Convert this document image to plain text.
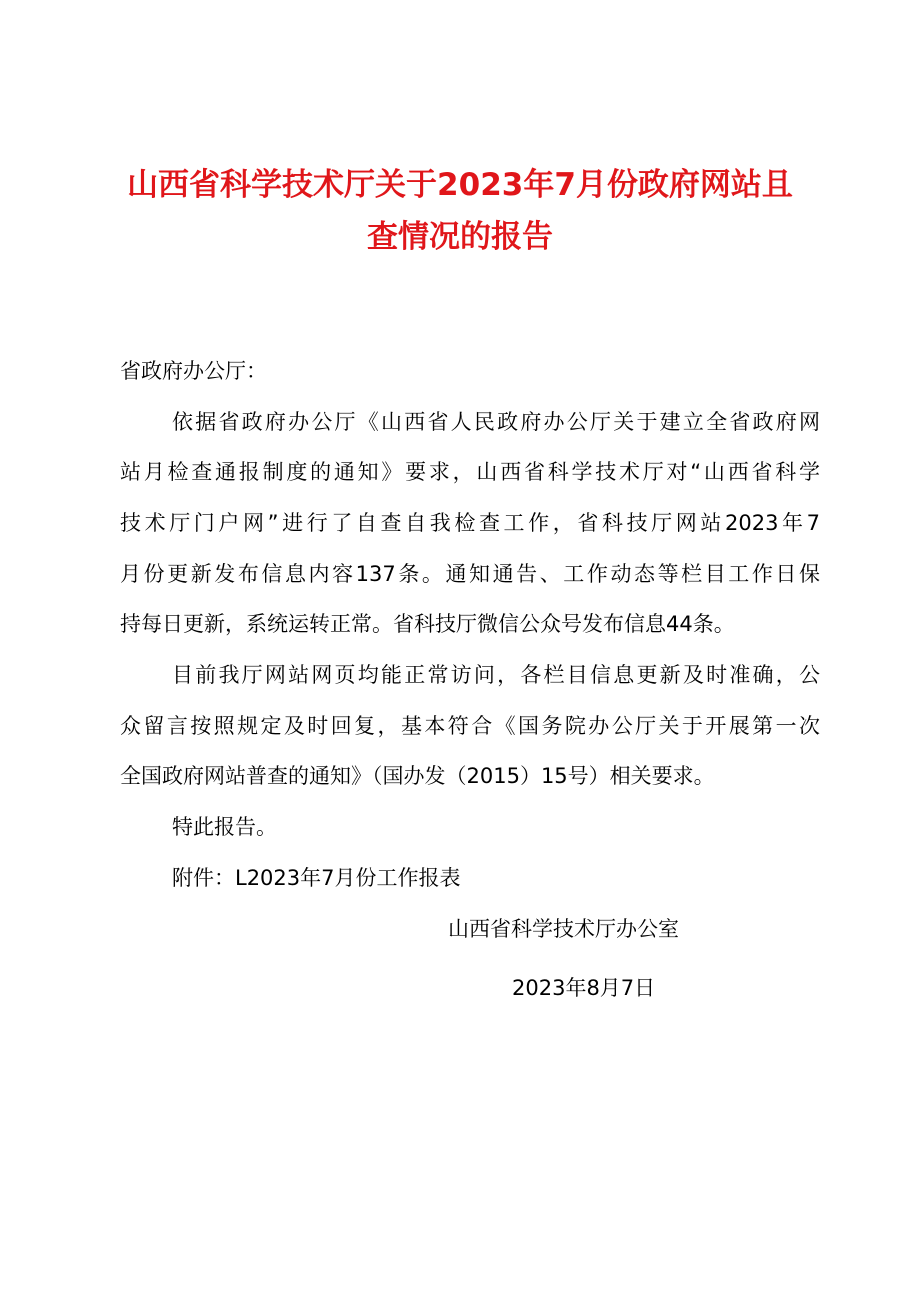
山西省科学技术厅关于2023年7月份政府网站且
查情况的报告
省政府办公厅：
依据省政府办公厅《山西省人民政府办公厅关于建立全省政府网
站月检查通报制度的通知》要求，山西省科学技术厅对“山西省科学
技术厅门户网”进行了自查自我检查工作，省科技厅网站2023年7
月份更新发布信息内容137条。通知通告、工作动态等栏目工作日保
持每日更新，系统运转正常。省科技厅微信公众号发布信息44条。
目前我厅网站网页均能正常访问，各栏目信息更新及时准确，公
众留言按照规定及时回复，基本符合《国务院办公厅关于开展第一次
全国政府网站普查的通知》（国办发（2015）15号）相关要求。
特此报告。
附件：L2023年7月份工作报表
山西省科学技术厅办公室
2023年8月7日
